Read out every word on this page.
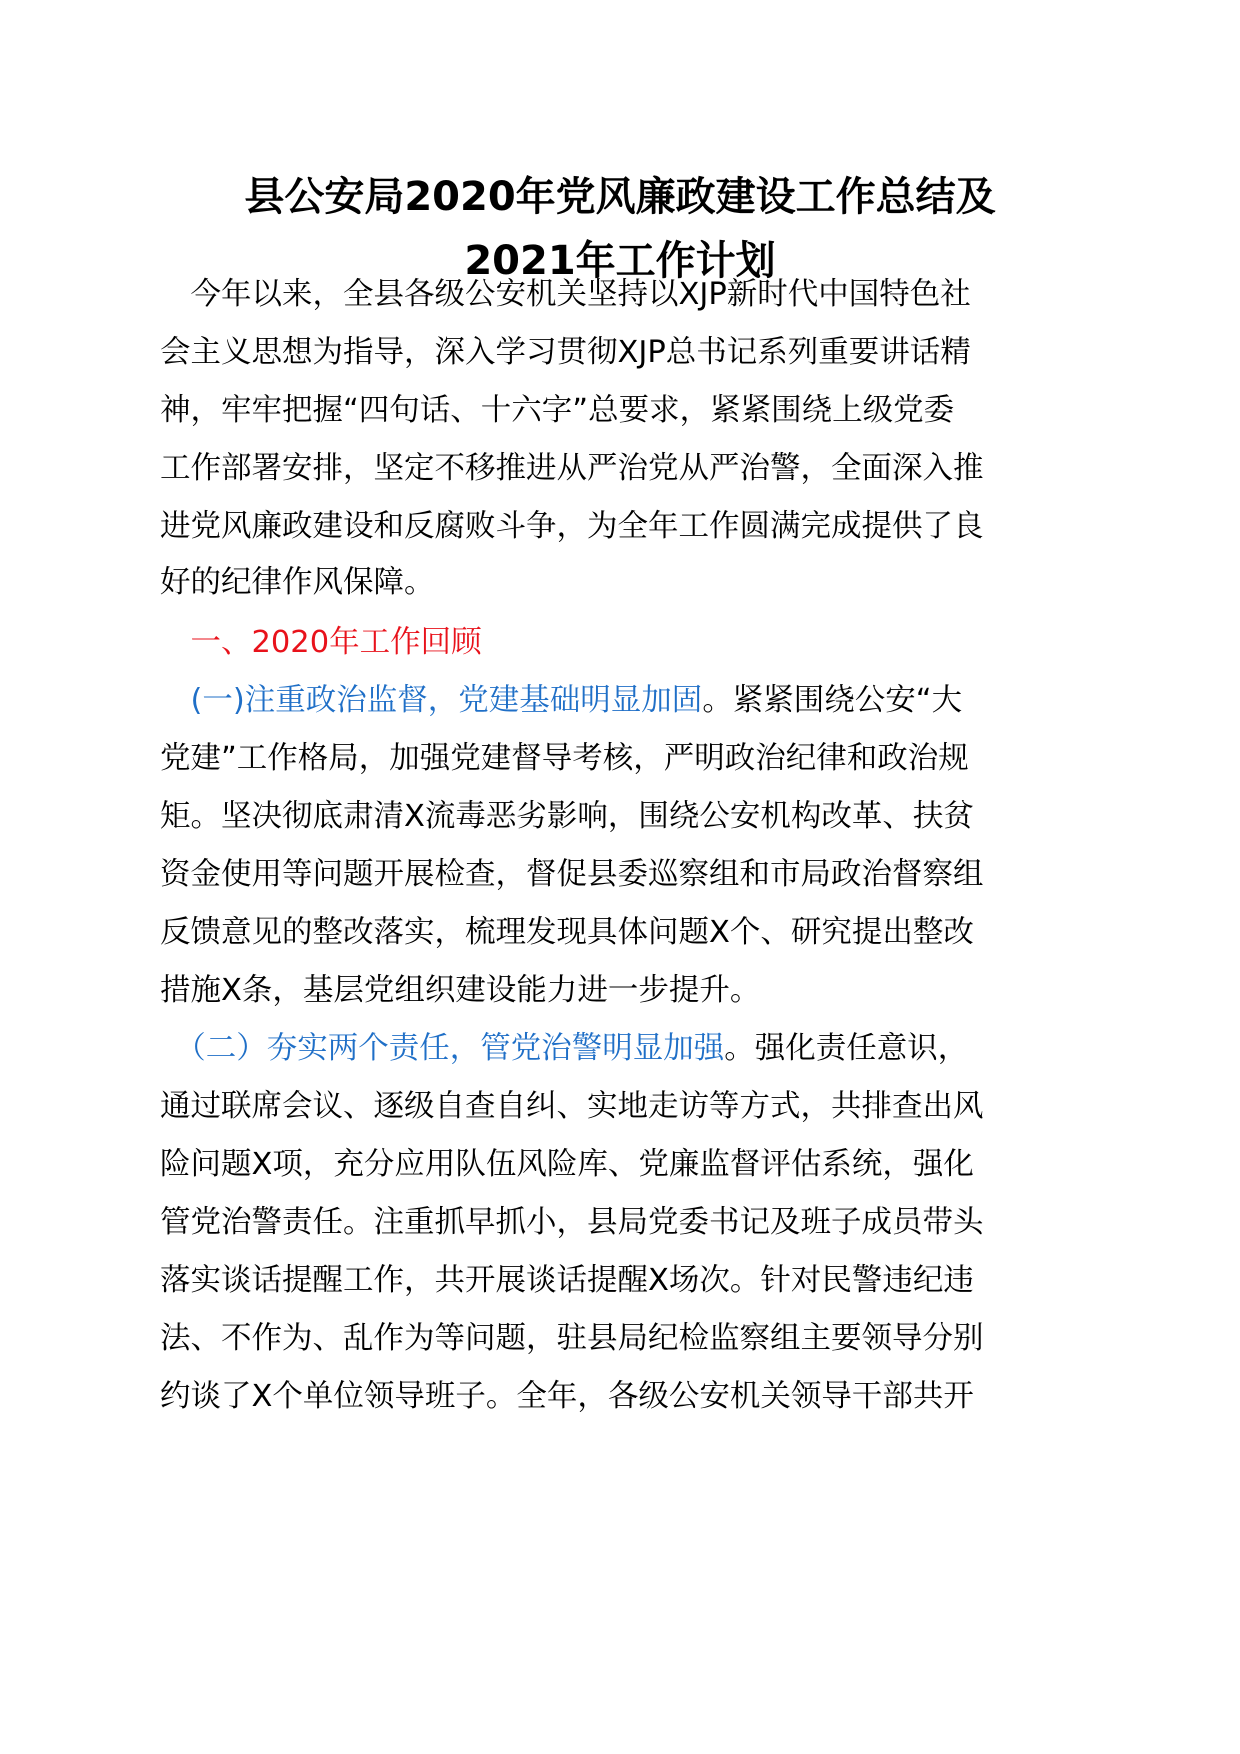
县公安局2020年党风廉政建设工作总结及
2021年工作计划

　今年以来，全县各级公安机关坚持以XJP新时代中国特色社

会主义思想为指导，深入学习贯彻XJP总书记系列重要讲话精

神，牢牢把握“四句话、十六字”总要求，紧紧围绕上级党委

工作部署安排，坚定不移推进从严治党从严治警，全面深入推

进党风廉政建设和反腐败斗争，为全年工作圆满完成提供了良

好的纪律作风保障。

　一、2020年工作回顾

　(一)注重政治监督，党建基础明显加固。紧紧围绕公安“大

党建”工作格局，加强党建督导考核，严明政治纪律和政治规

矩。坚决彻底肃清X流毒恶劣影响，围绕公安机构改革、扶贫

资金使用等问题开展检查，督促县委巡察组和市局政治督察组

反馈意见的整改落实，梳理发现具体问题X个、研究提出整改

措施X条，基层党组织建设能力进一步提升。

　（二）夯实两个责任，管党治警明显加强。强化责任意识，

通过联席会议、逐级自查自纠、实地走访等方式，共排查出风

险问题X项，充分应用队伍风险库、党廉监督评估系统，强化

管党治警责任。注重抓早抓小，县局党委书记及班子成员带头

落实谈话提醒工作，共开展谈话提醒X场次。针对民警违纪违

法、不作为、乱作为等问题，驻县局纪检监察组主要领导分别

约谈了X个单位领导班子。全年，各级公安机关领导干部共开
